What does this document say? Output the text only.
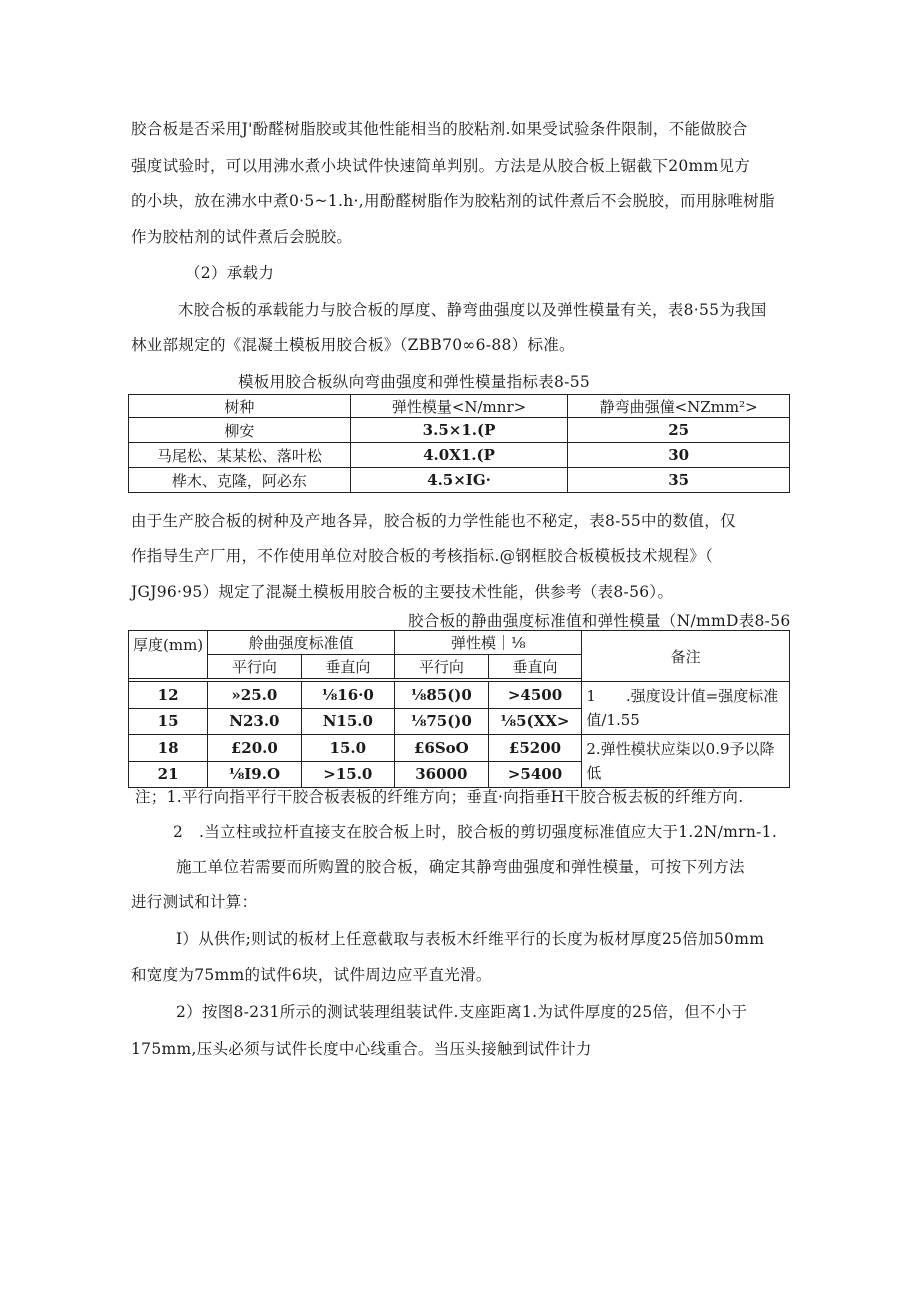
胶合板是否采用J'酚醛树脂胶或其他性能相当的胶粘剂.如果受试验条件限制，不能做胶合
强度试验时，可以用沸水煮小块试件快速简单判别。方法是从胶合板上锯截下20mm见方
的小块，放在沸水中煮0·5~1.h·,用酚醛树脂作为胶粘剂的试件煮后不会脱胶，而用脉唯树脂
作为胶枯剂的试件煮后会脱胶。
（2）承载力
木胶合板的承载能力与胶合板的厚度、静弯曲强度以及弹性模量有关，表8·55为我国
林业部规定的《混凝土模板用胶合板》（ZBB70∞6-88）标准。
模板用胶合板纵向弯曲强度和弹性模量指标表8-55
树种	弹性模量<N/mnr>	静弯曲强僮<NZmm²>
柳安	3.5×1.(P	25
马尾松、某某松、落叶松	4.0X1.(P	30
桦木、克隆，阿必东	4.5×IG·	35
由于生产胶合板的树种及产地各异，胶合板的力学性能也不秘定，表8-55中的数值，仅
作指导生产厂用，不作使用单位对胶合板的考核指标.@钢框胶合板模板技术规程》（
JGJ96·95）规定了混凝土模板用胶合板的主要技术性能，供参考（表8-56）。
胶合板的静曲强度标准值和弹性模量（N/mmD表8-56
厚度(mm)	舲曲强度标准值		弹性模｜⅛		备注
	平行向	垂直向	平行向	垂直向	

12	»25.0	⅛16·0	⅛85()0	>4500	1　　.强度设计值=强度标准值/1.55
15	N23.0	N15.0	⅛75()0	⅛5(XX>	
18	£20.0	15.0	£6SoO	£5200	2.弹性模状应柒以0.9予以降低
21	⅛I9.O	>15.0	36000	>5400	
注；1.平行向指平行干胶合板表板的纤维方向；垂直·向指垂H干胶合板去板的纤维方向.
2　.当立柱或拉杆直接支在胶合板上时，胶合板的剪切强度标准值应大于1.2N∕mrn-1.
施工单位若需要而所购置的胶合板，确定其静弯曲强度和弹性模量，可按下列方法
进行测试和计算：
I）从供作;则试的板材上任意截取与表板木纤维平行的长度为板材厚度25倍加50mm
和宽度为75mm的试件6块，试件周边应平直光滑。
2）按图8-231所示的测试装理组装试件.支座距离1.为试件厚度的25倍，但不小于
175mm,压头必须与试件长度中心线重合。当压头接触到试件计力
